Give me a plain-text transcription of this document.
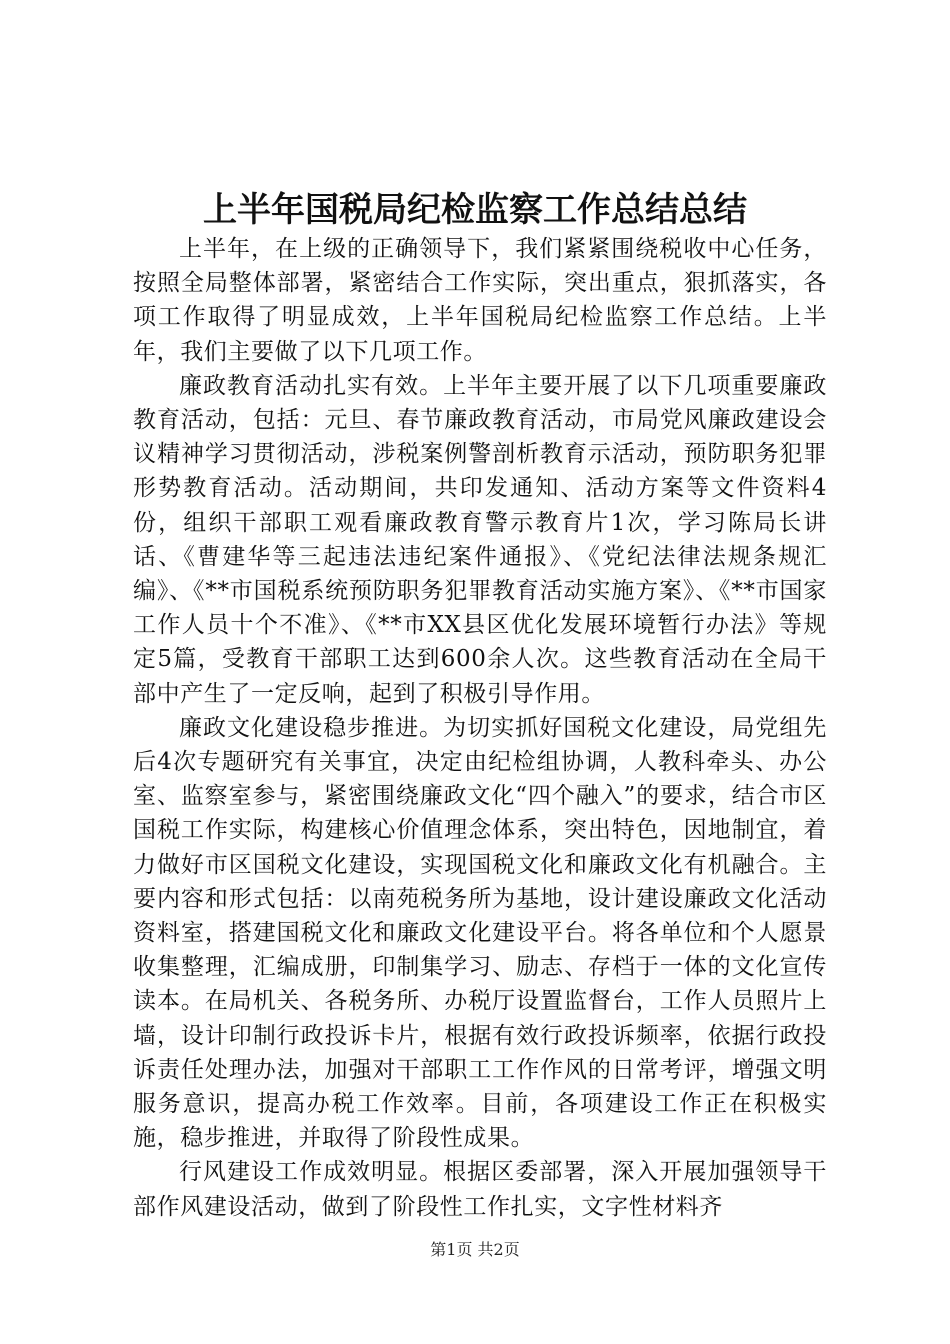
上半年国税局纪检监察工作总结总结

上半年，在上级的正确领导下，我们紧紧围绕税收中心任务，按照全局整体部署，紧密结合工作实际，突出重点，狠抓落实，各项工作取得了明显成效，上半年国税局纪检监察工作总结。上半年，我们主要做了以下几项工作。

廉政教育活动扎实有效。上半年主要开展了以下几项重要廉政教育活动，包括：元旦、春节廉政教育活动，市局党风廉政建设会议精神学习贯彻活动，涉税案例警剖析教育示活动，预防职务犯罪形势教育活动。活动期间，共印发通知、活动方案等文件资料4份，组织干部职工观看廉政教育警示教育片1次，学习陈局长讲话、《曹建华等三起违法违纪案件通报》、《党纪法律法规条规汇编》、《**市国税系统预防职务犯罪教育活动实施方案》、《**市国家工作人员十个不准》、《**市XX县区优化发展环境暂行办法》等规定5篇，受教育干部职工达到600余人次。这些教育活动在全局干部中产生了一定反响，起到了积极引导作用。

廉政文化建设稳步推进。为切实抓好国税文化建设，局党组先后4次专题研究有关事宜，决定由纪检组协调，人教科牵头、办公室、监察室参与，紧密围绕廉政文化“四个融入”的要求，结合市区国税工作实际，构建核心价值理念体系，突出特色，因地制宜，着力做好市区国税文化建设，实现国税文化和廉政文化有机融合。主要内容和形式包括：以南苑税务所为基地，设计建设廉政文化活动资料室，搭建国税文化和廉政文化建设平台。将各单位和个人愿景收集整理，汇编成册，印制集学习、励志、存档于一体的文化宣传读本。在局机关、各税务所、办税厅设置监督台，工作人员照片上墙，设计印制行政投诉卡片，根据有效行政投诉频率，依据行政投诉责任处理办法，加强对干部职工工作作风的日常考评，增强文明服务意识，提高办税工作效率。目前，各项建设工作正在积极实施，稳步推进，并取得了阶段性成果。

行风建设工作成效明显。根据区委部署，深入开展加强领导干部作风建设活动，做到了阶段性工作扎实，文字性材料齐

第1页 共2页
